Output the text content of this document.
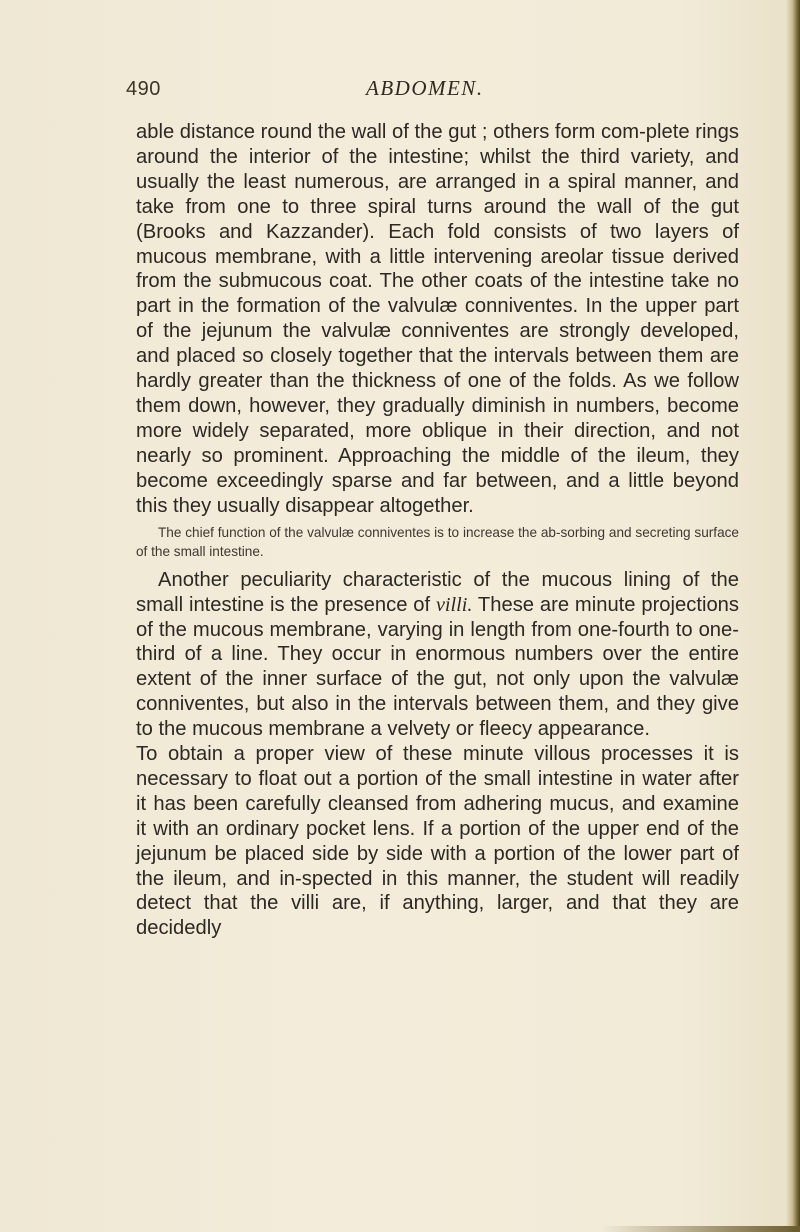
490	ABDOMEN.

able distance round the wall of the gut ; others form com-plete rings around the interior of the intestine; whilst the third variety, and usually the least numerous, are arranged in a spiral manner, and take from one to three spiral turns around the wall of the gut (Brooks and Kazzander). Each fold consists of two layers of mucous membrane, with a little intervening areolar tissue derived from the submucous coat. The other coats of the intestine take no part in the formation of the valvulæ conniventes. In the upper part of the jejunum the valvulæ conniventes are strongly developed, and placed so closely together that the intervals between them are hardly greater than the thickness of one of the folds. As we follow them down, however, they gradually diminish in numbers, become more widely separated, more oblique in their direction, and not nearly so prominent. Approaching the middle of the ileum, they become exceedingly sparse and far between, and a little beyond this they usually disappear altogether.

The chief function of the valvulæ conniventes is to increase the ab-sorbing and secreting surface of the small intestine.

Another peculiarity characteristic of the mucous lining of the small intestine is the presence of villi. These are minute projections of the mucous membrane, varying in length from one-fourth to one-third of a line. They occur in enormous numbers over the entire extent of the inner surface of the gut, not only upon the valvulæ conniventes, but also in the intervals between them, and they give to the mucous membrane a velvety or fleecy appearance.

To obtain a proper view of these minute villous processes it is necessary to float out a portion of the small intestine in water after it has been carefully cleansed from adhering mucus, and examine it with an ordinary pocket lens. If a portion of the upper end of the jejunum be placed side by side with a portion of the lower part of the ileum, and in-spected in this manner, the student will readily detect that the villi are, if anything, larger, and that they are decidedly
